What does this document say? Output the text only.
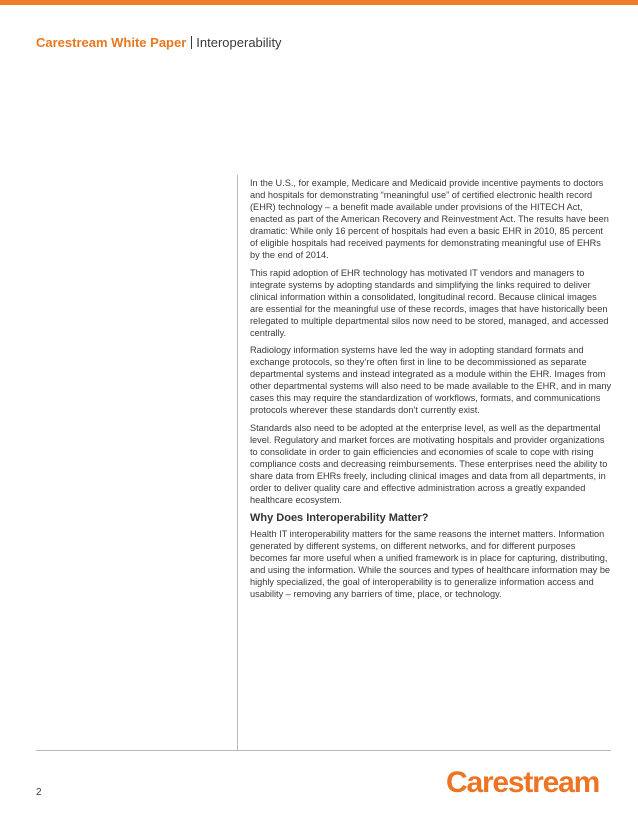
Carestream White Paper Interoperability

In the U.S., for example, Medicare and Medicaid provide incentive payments to doctors and hospitals for demonstrating “meaningful use” of certified electronic health record (EHR) technology – a benefit made available under provisions of the HITECH Act, enacted as part of the American Recovery and Reinvestment Act. The results have been dramatic: While only 16 percent of hospitals had even a basic EHR in 2010, 85 percent of eligible hospitals had received payments for demonstrating meaningful use of EHRs by the end of 2014.

This rapid adoption of EHR technology has motivated IT vendors and managers to integrate systems by adopting standards and simplifying the links required to deliver clinical information within a consolidated, longitudinal record. Because clinical images are essential for the meaningful use of these records, images that have historically been relegated to multiple departmental silos now need to be stored, managed, and accessed centrally.

Radiology information systems have led the way in adopting standard formats and exchange protocols, so they’re often first in line to be decommissioned as separate departmental systems and instead integrated as a module within the EHR. Images from other departmental systems will also need to be made available to the EHR, and in many cases this may require the standardization of workflows, formats, and communications protocols wherever these standards don’t currently exist.

Standards also need to be adopted at the enterprise level, as well as the departmental level. Regulatory and market forces are motivating hospitals and provider organizations to consolidate in order to gain efficiencies and economies of scale to cope with rising compliance costs and decreasing reimbursements. These enterprises need the ability to share data from EHRs freely, including clinical images and data from all departments, in order to deliver quality care and effective administration across a greatly expanded healthcare ecosystem.

Why Does Interoperability Matter?

Health IT interoperability matters for the same reasons the internet matters. Information generated by different systems, on different networks, and for different purposes becomes far more useful when a unified framework is in place for capturing, distributing, and using the information. While the sources and types of healthcare information may be highly specialized, the goal of interoperability is to generalize information access and usability – removing any barriers of time, place, or technology.

2	Carestream
